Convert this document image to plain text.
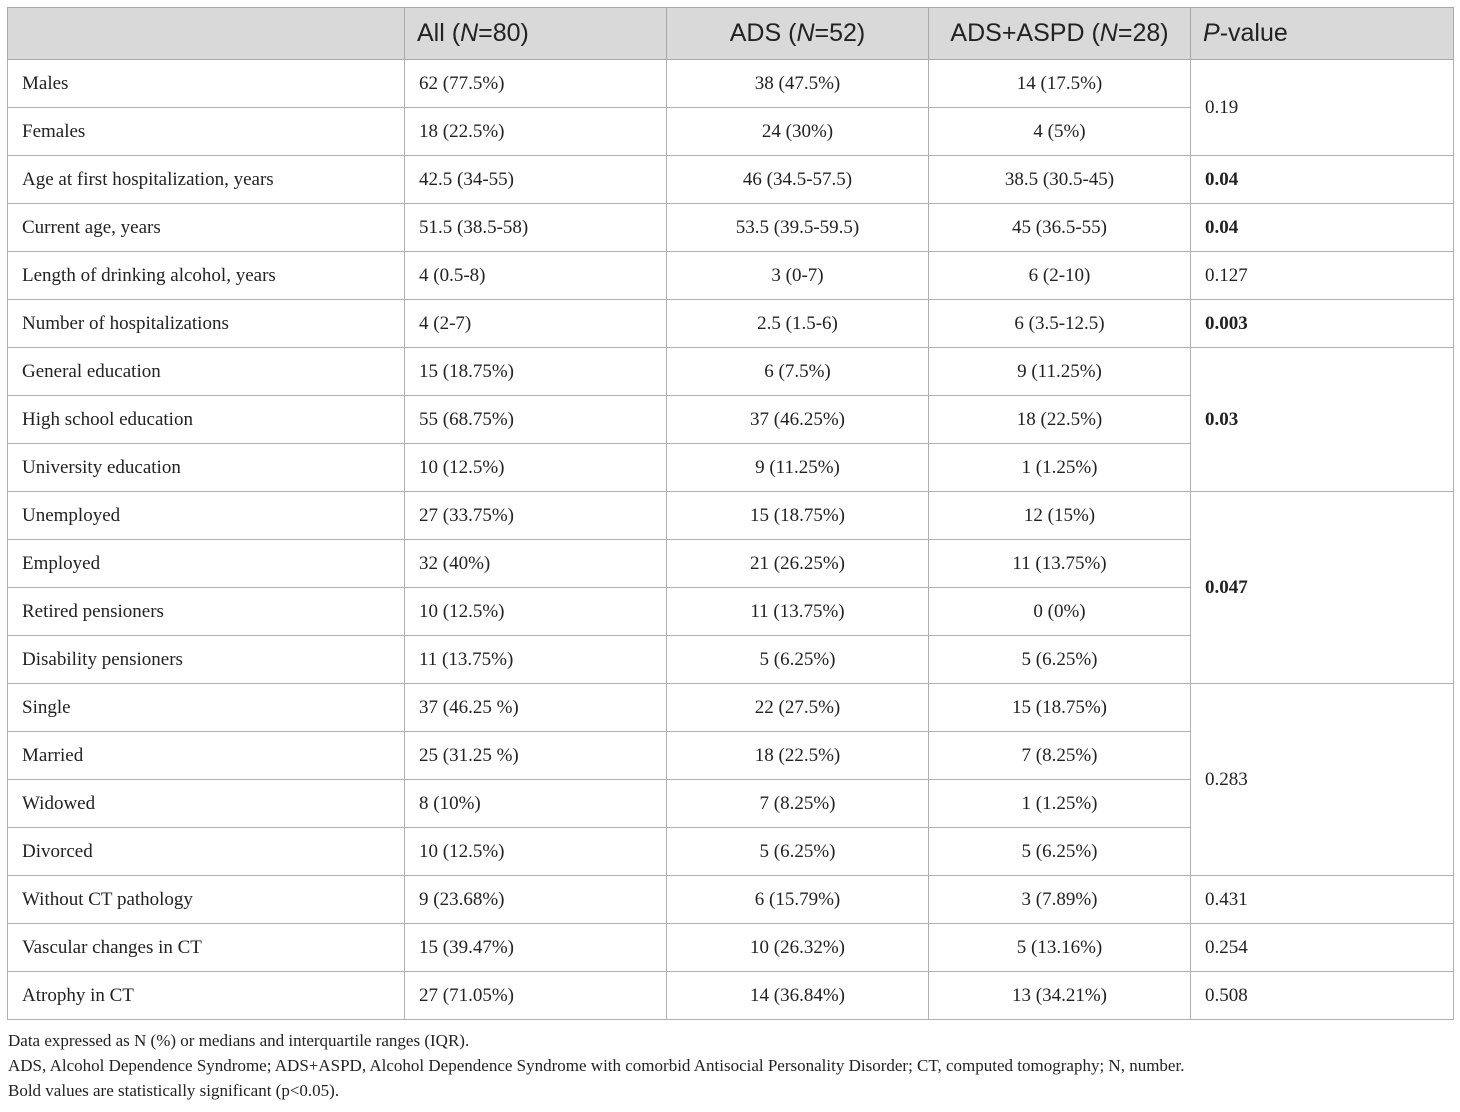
	All (N=80)	ADS (N=52)	ADS+ASPD (N=28)	P-value
Males	62 (77.5%)	38 (47.5%)	14 (17.5%)	0.19
Females	18 (22.5%)	24 (30%)	4 (5%)	
Age at first hospitalization, years	42.5 (34-55)	46 (34.5-57.5)	38.5 (30.5-45)	0.04
Current age, years	51.5 (38.5-58)	53.5 (39.5-59.5)	45 (36.5-55)	0.04
Length of drinking alcohol, years	4 (0.5-8)	3 (0-7)	6 (2-10)	0.127
Number of hospitalizations	4 (2-7)	2.5 (1.5-6)	6 (3.5-12.5)	0.003
General education	15 (18.75%)	6 (7.5%)	9 (11.25%)	0.03
High school education	55 (68.75%)	37 (46.25%)	18 (22.5%)	
University education	10 (12.5%)	9 (11.25%)	1 (1.25%)	
Unemployed	27 (33.75%)	15 (18.75%)	12 (15%)	0.047
Employed	32 (40%)	21 (26.25%)	11 (13.75%)	
Retired pensioners	10 (12.5%)	11 (13.75%)	0 (0%)	
Disability pensioners	11 (13.75%)	5 (6.25%)	5 (6.25%)	
Single	37 (46.25 %)	22 (27.5%)	15 (18.75%)	0.283
Married	25 (31.25 %)	18 (22.5%)	7 (8.25%)	
Widowed	8 (10%)	7 (8.25%)	1 (1.25%)	
Divorced	10 (12.5%)	5 (6.25%)	5 (6.25%)	
Without CT pathology	9 (23.68%)	6 (15.79%)	3 (7.89%)	0.431
Vascular changes in CT	15 (39.47%)	10 (26.32%)	5 (13.16%)	0.254
Atrophy in CT	27 (71.05%)	14 (36.84%)	13 (34.21%)	0.508
Data expressed as N (%) or medians and interquartile ranges (IQR).
ADS, Alcohol Dependence Syndrome; ADS+ASPD, Alcohol Dependence Syndrome with comorbid Antisocial Personality Disorder; CT, computed tomography; N, number.
Bold values are statistically significant (p<0.05).
